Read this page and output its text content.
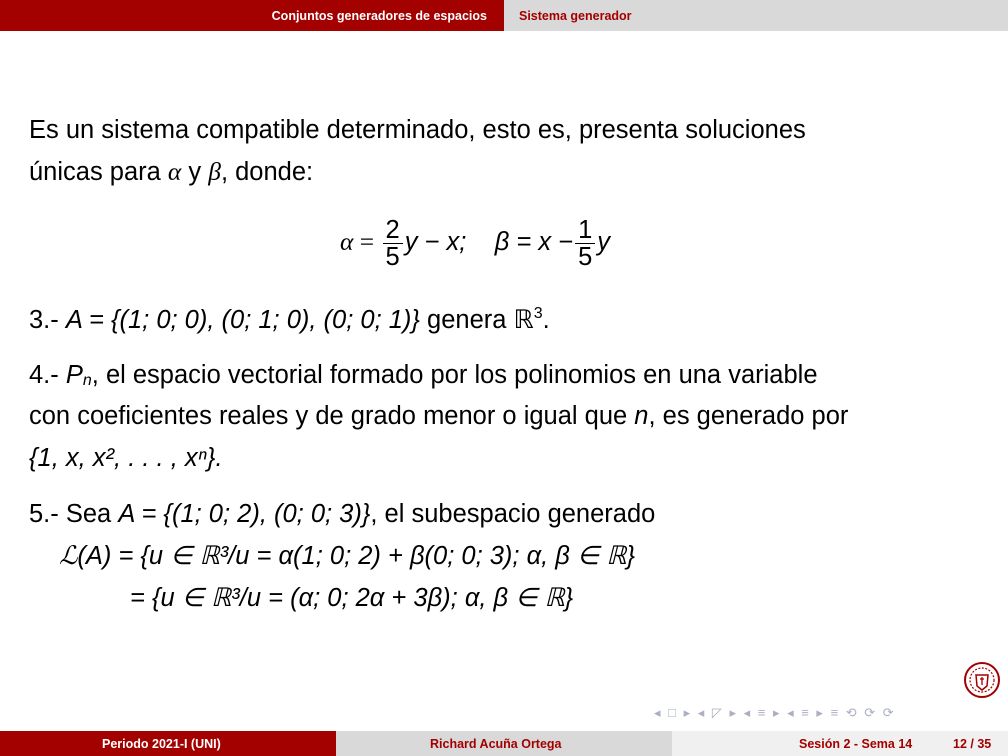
Conjuntos generadores de espacios	Sistema generador
Es un sistema compatible determinado, esto es, presenta soluciones
únicas para α y β, donde:
$\alpha = \frac{2}{5}$ y − x; $\beta = x - \frac{1}{5}$ y
3.- A = {(1; 0; 0), (0; 1; 0), (0; 0; 1)} genera ℝ$^3$.
4.- $P_n$, el espacio vectorial formado por los polinomios en una variable
con coeficientes reales y de grado menor o igual que n, es generado por
{1, x, x², . . . , xⁿ}.
5.- Sea A = {(1; 0; 2), (0; 0; 3)}, el subespacio generado
ℒ(A) = {u ∈ ℝ³/u = α(1; 0; 2) + β(0; 0; 3); α, β ∈ ℝ}
= {u ∈ ℝ³/u = (α; 0; 2α + 3β); α, β ∈ ℝ}
◂ □ ▸ ◂ ◸ ▸ ◂ ≡ ▸ ◂ ≡ ▸ ≡ ⟲ ⟳ ⟳
Periodo 2021-I (UNI)	Richard Acuña Ortega	Sesión 2 - Sema 14	12 / 35
